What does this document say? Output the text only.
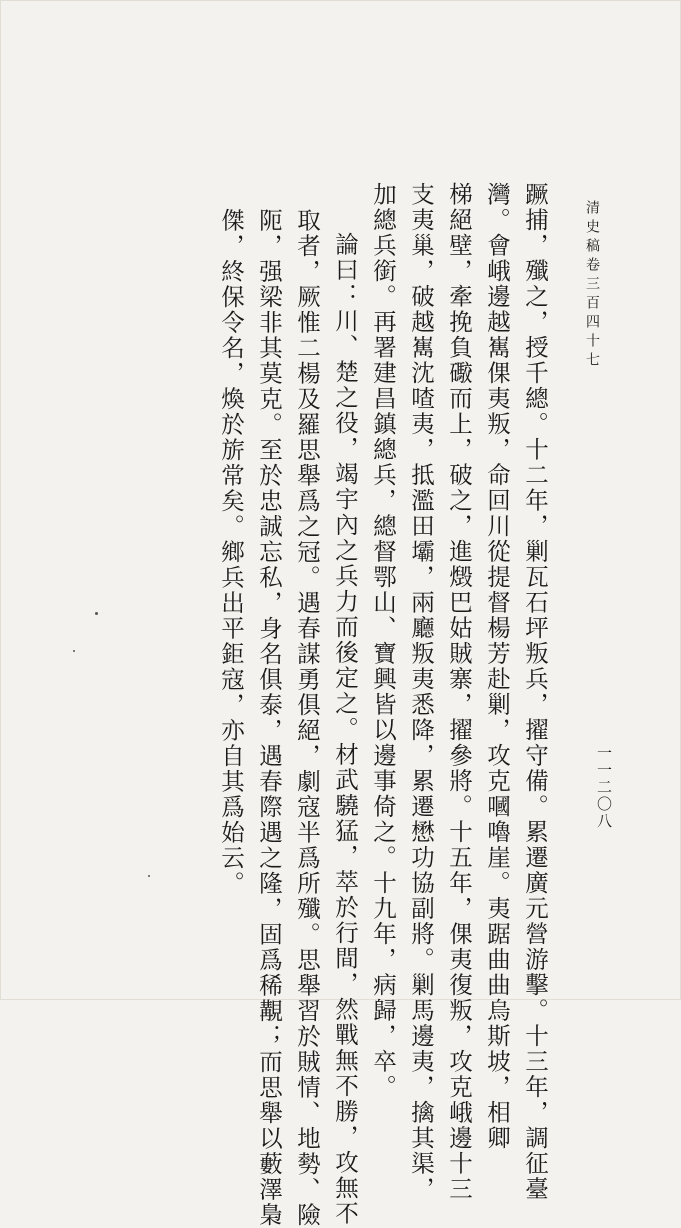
清史稿卷三百四十七
一一二〇八
蹶捕，殲之，授千總。十二年，剿瓦石坪叛兵，擢守備。累遷廣元營游擊。十三年，調征臺
灣。會峨邊越嶲倮夷叛，命回川從提督楊芳赴剿，攻克嘓嚕崖。夷踞曲曲烏斯坡，相卿
梯絕壁，牽挽負礮而上，破之，進燬巴姑賊寨，擢參將。十五年，倮夷復叛，攻克峨邊十三
支夷巢，破越嶲沈喳夷，抵濫田壩，兩廳叛夷悉降，累遷懋功協副將。剿馬邊夷，擒其渠，
加總兵銜。再署建昌鎮總兵，總督鄂山、寶興皆以邊事倚之。十九年，病歸，卒。
論曰：川、楚之役，竭宇內之兵力而後定之。材武驍猛，萃於行間，然戰無不勝，攻無不
取者，厥惟二楊及羅思舉爲之冠。遇春謀勇俱絕，劇寇半爲所殲。思舉習於賊情、地勢、險
阨，强梁非其莫克。至於忠誠忘私，身名俱泰，遇春際遇之隆，固爲稀覯；而思舉以藪澤梟
傑，終保令名，煥於旂常矣。鄉兵出平鉅寇，亦自其爲始云。
